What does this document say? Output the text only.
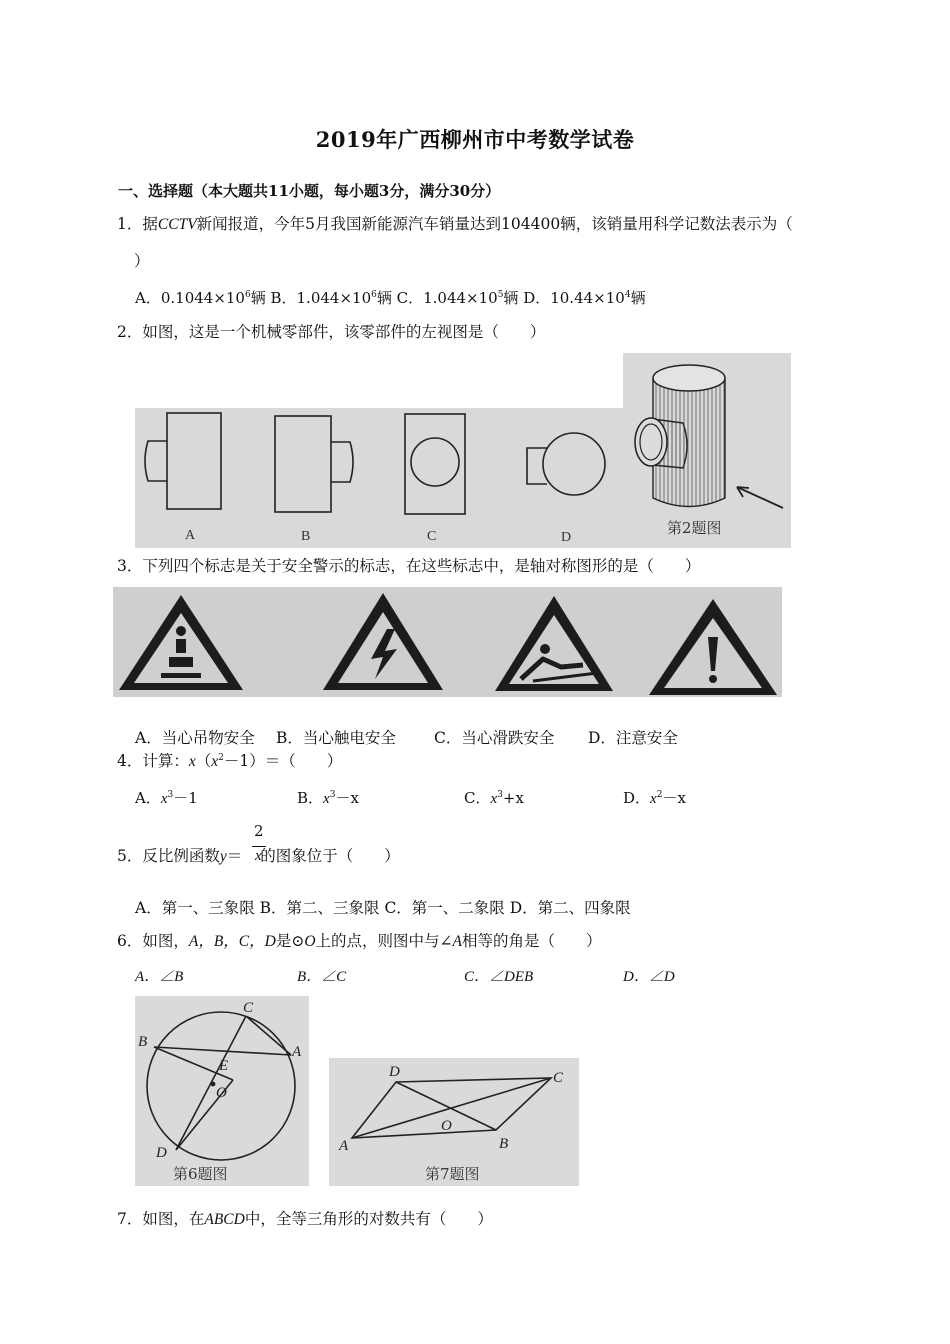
2019年广西柳州市中考数学试卷
一、选择题（本大题共11小题，每小题3分，满分30分）
1．据CCTV新闻报道，今年5月我国新能源汽车销量达到104400辆，该销量用科学记数法表示为（
）
A．$0.1044\times 10^6$辆 B．$1.044\times 10^6$辆 C．$1.044\times 10^5$辆 D．$10.44\times 10^4$辆
2．如图，这是一个机械零部件，该零部件的左视图是（　　）
A	B	C	D
第2题图
3．下列四个标志是关于安全警示的标志，在这些标志中，是轴对称图形的是（　　）
A．当心吊物安全 B．当心触电安全 C．当心滑跌安全 D．注意安全
4．计算：$x(x^2-1)=$（　　）
A．$x^3-1$	B．$x^3-x$	C．$x^3+x$	D．$x^2-x$
5．反比例函数y＝ 的图象位于（　　）
2
x
A．第一、三象限 B．第二、三象限 C．第一、二象限 D．第二、四象限
6．如图，A，B，C，D是⊙O上的点，则图中与∠A相等的角是（　　）
A．∠B	B．∠C	C．∠DEB	D．∠D
C
B
A
E
O
D
第6题图
D	C
O
A	B
第7题图
7．如图，在ABCD中，全等三角形的对数共有（　　）
